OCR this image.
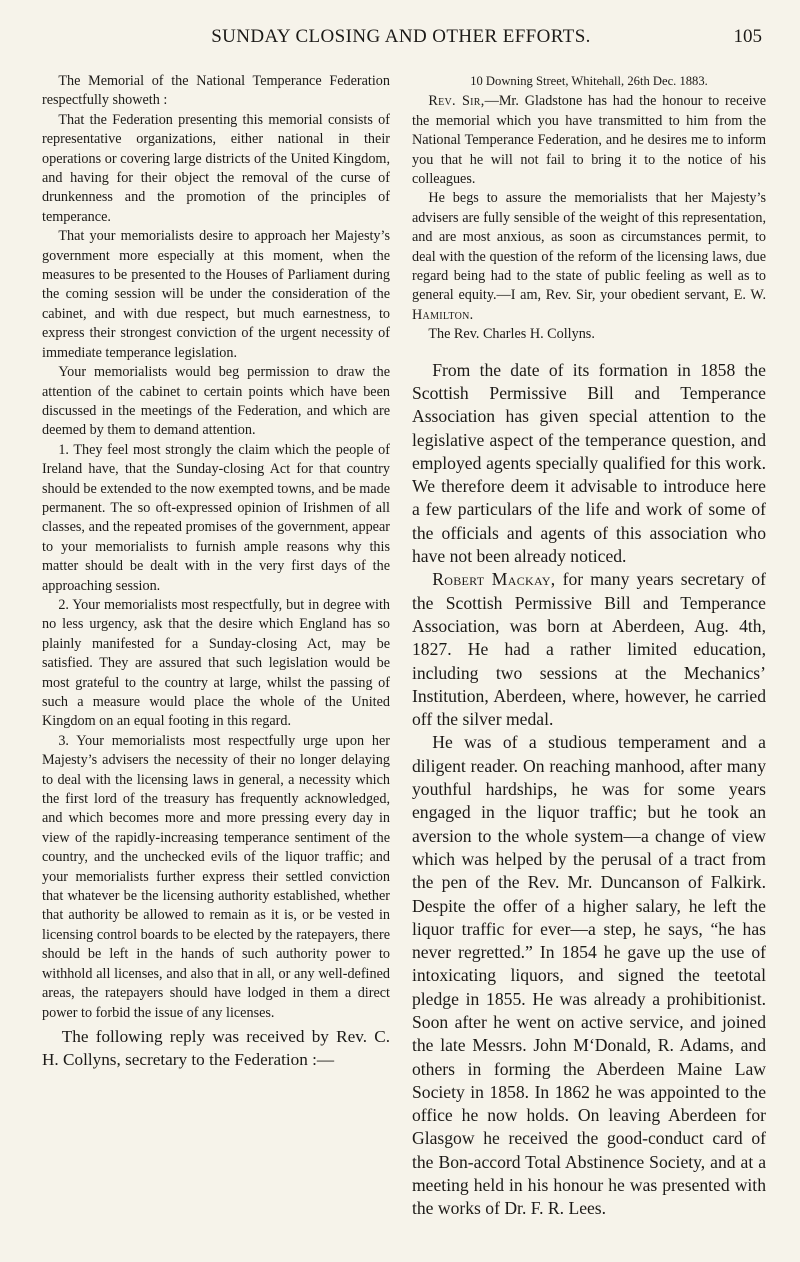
SUNDAY CLOSING AND OTHER EFFORTS.	105

The Memorial of the National Temperance Federation respectfully showeth :

That the Federation presenting this memorial consists of representative organizations, either national in their operations or covering large districts of the United Kingdom, and having for their object the removal of the curse of drunkenness and the promotion of the principles of temperance.

That your memorialists desire to approach her Majesty’s government more especially at this moment, when the measures to be presented to the Houses of Parliament during the coming session will be under the consideration of the cabinet, and with due respect, but much earnestness, to express their strongest conviction of the urgent necessity of immediate temperance legislation.

Your memorialists would beg permission to draw the attention of the cabinet to certain points which have been discussed in the meetings of the Federation, and which are deemed by them to demand attention.

1. They feel most strongly the claim which the people of Ireland have, that the Sunday-closing Act for that country should be extended to the now exempted towns, and be made permanent. The so oft-expressed opinion of Irishmen of all classes, and the repeated promises of the government, appear to your memorialists to furnish ample reasons why this matter should be dealt with in the very first days of the approaching session.

2. Your memorialists most respectfully, but in degree with no less urgency, ask that the desire which England has so plainly manifested for a Sunday-closing Act, may be satisfied. They are assured that such legislation would be most grateful to the country at large, whilst the passing of such a measure would place the whole of the United Kingdom on an equal footing in this regard.

3. Your memorialists most respectfully urge upon her Majesty’s advisers the necessity of their no longer delaying to deal with the licensing laws in general, a necessity which the first lord of the treasury has frequently acknowledged, and which becomes more and more pressing every day in view of the rapidly-increasing temperance sentiment of the country, and the unchecked evils of the liquor traffic; and your memorialists further express their settled conviction that whatever be the licensing authority established, whether that authority be allowed to remain as it is, or be vested in licensing control boards to be elected by the ratepayers, there should be left in the hands of such authority power to withhold all licenses, and also that in all, or any well-defined areas, the ratepayers should have lodged in them a direct power to forbid the issue of any licenses.

The following reply was received by Rev. C. H. Collyns, secretary to the Federation :—

10 Downing Street, Whitehall, 26th Dec. 1883.

Rev. Sir,—Mr. Gladstone has had the honour to receive the memorial which you have transmitted to him from the National Temperance Federation, and he desires me to inform you that he will not fail to bring it to the notice of his colleagues.

He begs to assure the memorialists that her Majesty’s advisers are fully sensible of the weight of this representation, and are most anxious, as soon as circumstances permit, to deal with the question of the reform of the licensing laws, due regard being had to the state of public feeling as well as to general equity.—I am, Rev. Sir, your obedient servant, E. W. Hamilton.

The Rev. Charles H. Collyns.

From the date of its formation in 1858 the Scottish Permissive Bill and Temperance Association has given special attention to the legislative aspect of the temperance question, and employed agents specially qualified for this work. We therefore deem it advisable to introduce here a few particulars of the life and work of some of the officials and agents of this association who have not been already noticed.

Robert Mackay, for many years secretary of the Scottish Permissive Bill and Temperance Association, was born at Aberdeen, Aug. 4th, 1827. He had a rather limited education, including two sessions at the Mechanics’ Institution, Aberdeen, where, however, he carried off the silver medal.

He was of a studious temperament and a diligent reader. On reaching manhood, after many youthful hardships, he was for some years engaged in the liquor traffic; but he took an aversion to the whole system—a change of view which was helped by the perusal of a tract from the pen of the Rev. Mr. Duncanson of Falkirk. Despite the offer of a higher salary, he left the liquor traffic for ever—a step, he says, “he has never regretted.” In 1854 he gave up the use of intoxicating liquors, and signed the teetotal pledge in 1855. He was already a prohibitionist. Soon after he went on active service, and joined the late Messrs. John M‘Donald, R. Adams, and others in forming the Aberdeen Maine Law Society in 1858. In 1862 he was appointed to the office he now holds. On leaving Aberdeen for Glasgow he received the good-conduct card of the Bon-accord Total Abstinence Society, and at a meeting held in his honour he was presented with the works of Dr. F. R. Lees.
